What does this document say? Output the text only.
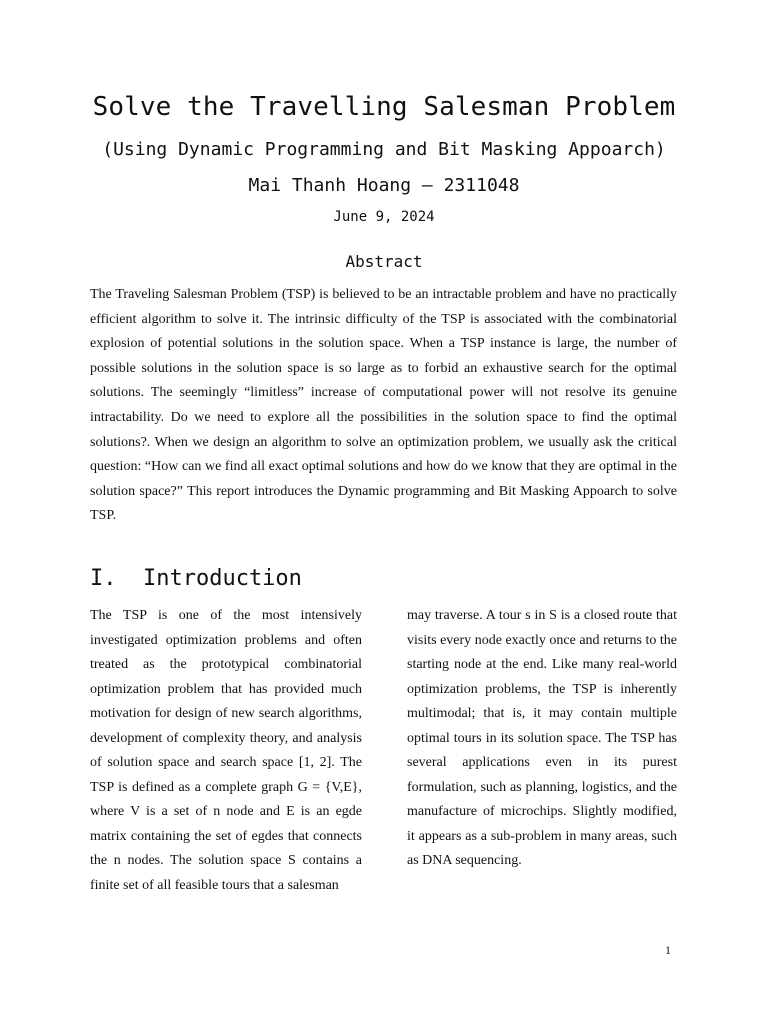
Solve the Travelling Salesman Problem
(Using Dynamic Programming and Bit Masking Appoarch)
Mai Thanh Hoang – 2311048
June 9, 2024
Abstract

The Traveling Salesman Problem (TSP) is believed to be an intractable problem and have no practically efficient algorithm to solve it. The intrinsic difficulty of the TSP is associated with the combinatorial explosion of potential solutions in the solution space. When a TSP instance is large, the number of possible solutions in the solution space is so large as to forbid an exhaustive search for the optimal solutions. The seemingly “limitless” increase of computational power will not resolve its genuine intractability. Do we need to explore all the possibilities in the solution space to find the optimal solutions?. When we design an algorithm to solve an optimization problem, we usually ask the critical question: “How can we find all exact optimal solutions and how do we know that they are optimal in the solution space?” This report introduces the Dynamic programming and Bit Masking Appoarch to solve TSP.

I.  Introduction

The TSP is one of the most intensively investigated optimization problems and often treated as the prototypical combinatorial optimization problem that has provided much motivation for design of new search algorithms, development of complexity theory, and analysis of solution space and search space [1, 2]. The TSP is defined as a complete graph G = {V,E}, where V is a set of n node and E is an egde matrix containing the set of egdes that connects the n nodes. The solution space S contains a finite set of all feasible tours that a salesman

may traverse. A tour s in S is a closed route that visits every node exactly once and returns to the starting node at the end. Like many real-world optimization problems, the TSP is inherently multimodal; that is, it may contain multiple optimal tours in its solution space. The TSP has several applications even in its purest formulation, such as planning, logistics, and the manufacture of microchips. Slightly modified, it appears as a sub-problem in many areas, such as DNA sequencing.

1
